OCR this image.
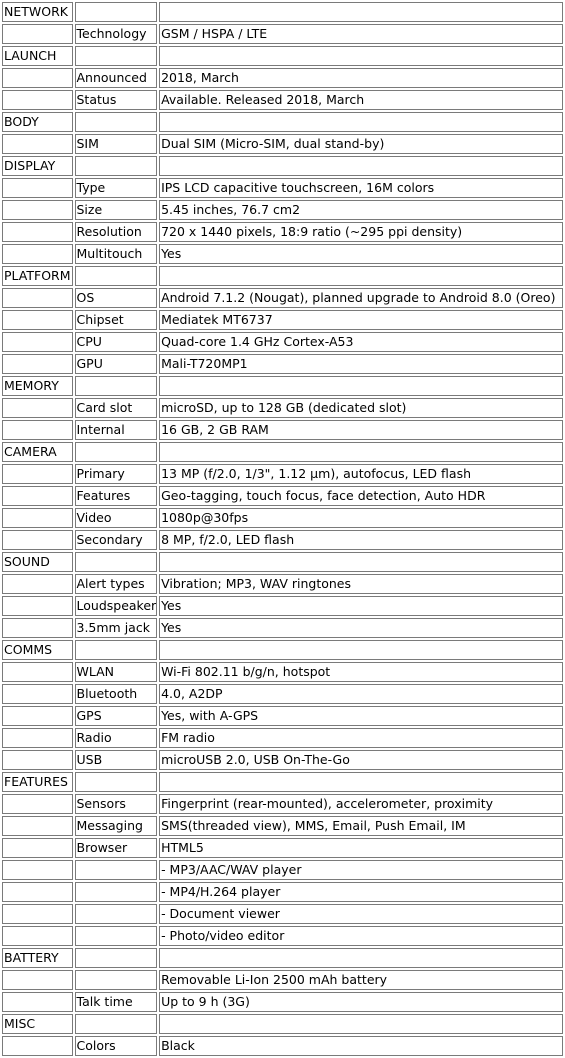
NETWORK		
	Technology	GSM / HSPA / LTE
LAUNCH		
	Announced	2018, March
	Status	Available. Released 2018, March
BODY		
	SIM	Dual SIM (Micro-SIM, dual stand-by)
DISPLAY		
	Type	IPS LCD capacitive touchscreen, 16M colors
	Size	5.45 inches, 76.7 cm2
	Resolution	720 x 1440 pixels, 18:9 ratio (~295 ppi density)
	Multitouch	Yes
PLATFORM		
	OS	Android 7.1.2 (Nougat), planned upgrade to Android 8.0 (Oreo)
	Chipset	Mediatek MT6737
	CPU	Quad-core 1.4 GHz Cortex-A53
	GPU	Mali-T720MP1
MEMORY		
	Card slot	microSD, up to 128 GB (dedicated slot)
	Internal	16 GB, 2 GB RAM
CAMERA		
	Primary	13 MP (f/2.0, 1/3", 1.12 µm), autofocus, LED flash
	Features	Geo-tagging, touch focus, face detection, Auto HDR
	Video	1080p@30fps
	Secondary	8 MP, f/2.0, LED flash
SOUND		
	Alert types	Vibration; MP3, WAV ringtones
	Loudspeaker	Yes
	3.5mm jack	Yes
COMMS		
	WLAN	Wi-Fi 802.11 b/g/n, hotspot
	Bluetooth	4.0, A2DP
	GPS	Yes, with A-GPS
	Radio	FM radio
	USB	microUSB 2.0, USB On-The-Go
FEATURES		
	Sensors	Fingerprint (rear-mounted), accelerometer, proximity
	Messaging	SMS(threaded view), MMS, Email, Push Email, IM
	Browser	HTML5
		- MP3/AAC/WAV player
		- MP4/H.264 player
		- Document viewer
		- Photo/video editor
BATTERY		
		Removable Li-Ion 2500 mAh battery
	Talk time	Up to 9 h (3G)
MISC		
	Colors	Black
